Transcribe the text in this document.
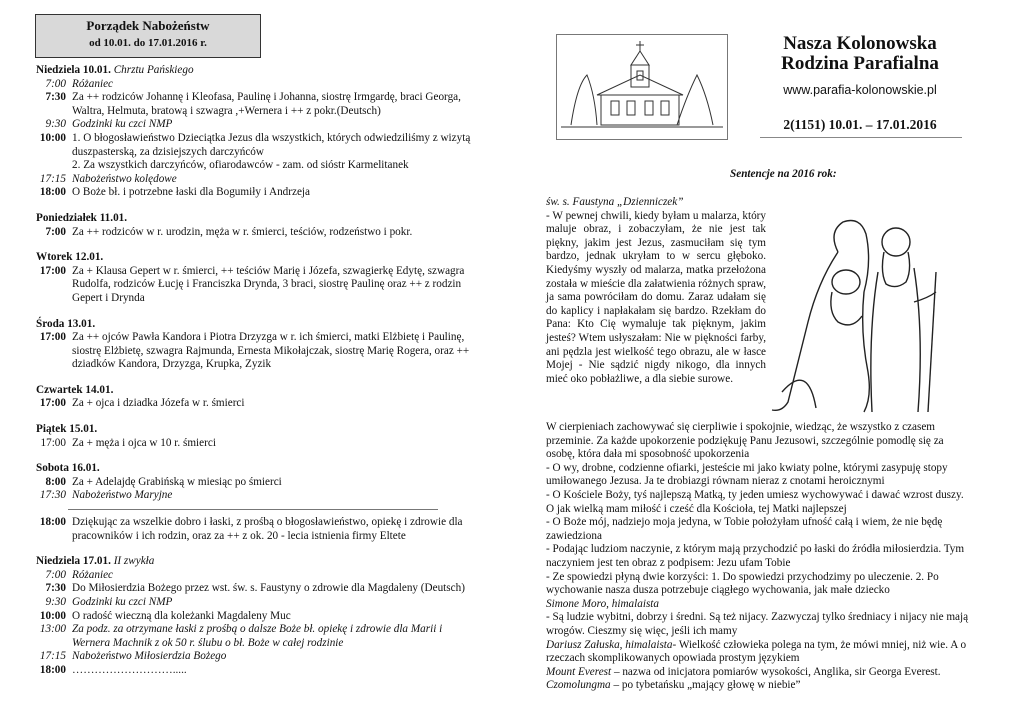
Porządek Nabożeństw
od 10.01. do 17.01.2016 r.
Niedziela 10.01. Chrztu Pańskiego
7:00 Różaniec
7:30 Za ++ rodziców Johannę i Kleofasa, Paulinę i Johanna, siostrę Irmgardę, braci Georga, Waltra, Helmuta, bratową i szwagra ,+Wernera i ++ z pokr.(Deutsch)
9:30 Godzinki ku czci NMP
10:00 1. O błogosławieństwo Dzieciątka Jezus dla wszystkich, których odwiedziliśmy z wizytą duszpasterską, za dzisiejszych darczyńców
2. Za wszystkich darczyńców, ofiarodawców - zam. od sióstr Karmelitanek
17:15 Nabożeństwo kolędowe
18:00 O Boże bł. i potrzebne łaski dla Bogumiły i Andrzeja
Poniedziałek 11.01.
7:00 Za ++ rodziców w r. urodzin, męża w r. śmierci, teściów, rodzeństwo i pokr.
Wtorek 12.01.
17:00 Za + Klausa Gepert w r. śmierci, ++ teściów Marię i Józefa, szwagierkę Edytę, szwagra Rudolfa, rodziców Łucję i Franciszka Drynda, 3 braci, siostrę Paulinę oraz ++ z rodzin Gepert i Drynda
Środa 13.01.
17:00 Za ++ ojców Pawła Kandora i Piotra Drzyzga w r. ich śmierci, matki Elżbietę i Paulinę, siostrę Elżbietę, szwagra Rajmunda, Ernesta Mikołajczak, siostrę Marię Rogera, oraz ++ dziadków Kandora, Drzyzga, Krupka, Zyzik
Czwartek 14.01.
17:00 Za + ojca i dziadka Józefa w r. śmierci
Piątek 15.01.
17:00 Za + męża i ojca w 10 r. śmierci
Sobota 16.01.
8:00 Za + Adelajdę Grabińską w miesiąc po śmierci
17:30 Nabożeństwo Maryjne
18:00 Dziękując za wszelkie dobro i łaski, z prośbą o błogosławieństwo, opiekę i zdrowie dla pracowników i ich rodzin, oraz za ++ z ok. 20 - lecia istnienia firmy Eltete
Niedziela 17.01. II zwykła
7:00 Różaniec
7:30 Do Miłosierdzia Bożego przez wst. św. s. Faustyny o zdrowie dla Magdaleny (Deutsch)
9:30 Godzinki ku czci NMP
10:00 O radość wieczną dla koleżanki Magdaleny Muc
13:00 Za podz. za otrzymane łaski z prośbą o dalsze Boże bł. opiekę i zdrowie dla Marii i Wernera Machnik z ok 50 r. ślubu o bł. Boże w całej rodzinie
17:15 Nabożeństwo Miłosierdzia Bożego
18:00 ……………………….....
Nasza Kolonowska
Rodzina Parafialna
www.parafia-kolonowskie.pl
2(1151) 10.01. – 17.01.2016
Sentencje na 2016 rok:
św. s. Faustyna „Dzienniczek”
- W pewnej chwili, kiedy byłam u malarza, który maluje obraz, i zobaczyłam, że nie jest tak piękny, jakim jest Jezus, zasmuciłam się tym bardzo, jednak ukryłam to w sercu głęboko. Kiedyśmy wyszły od malarza, matka przełożona została w mieście dla załatwienia różnych spraw, ja sama powróciłam do domu. Zaraz udałam się do kaplicy i napłakałam się bardzo. Rzekłam do Pana: Kto Cię wymaluje tak pięknym, jakim jesteś? Wtem usłyszałam: Nie w piękności farby, ani pędzla jest wielkość tego obrazu, ale w łasce Mojej - Nie sądzić nigdy nikogo, dla innych mieć oko pobłażliwe, a dla siebie surowe.

W cierpieniach zachowywać się cierpliwie i spokojnie, wiedząc, że wszystko z czasem przeminie. Za każde upokorzenie podziękuję Panu Jezusowi, szczególnie pomodlę się za osobę, która dała mi sposobność upokorzenia

- O wy, drobne, codzienne ofiarki, jesteście mi jako kwiaty polne, którymi zasypuję stopy umiłowanego Jezusa. Ja te drobiazgi równam nieraz z cnotami heroicznymi

- O Kościele Boży, tyś najlepszą Matką, ty jeden umiesz wychowywać i dawać wzrost duszy. O jak wielką mam miłość i cześć dla Kościoła, tej Matki najlepszej

- O Boże mój, nadziejo moja jedyna, w Tobie położyłam ufność całą i wiem, że nie będę zawiedziona

- Podając ludziom naczynie, z którym mają przychodzić po łaski do źródła miłosierdzia. Tym naczyniem jest ten obraz z podpisem: Jezu ufam Tobie

- Ze spowiedzi płyną dwie korzyści: 1. Do spowiedzi przychodzimy po uleczenie. 2. Po wychowanie nasza dusza potrzebuje ciągłego wychowania, jak małe dziecko

Simone Moro, himalaista

- Są ludzie wybitni, dobrzy i średni. Są też nijacy. Zazwyczaj tylko średniacy i nijacy nie mają wrogów. Cieszmy się więc, jeśli ich mamy

Dariusz Załuska, himalaista- Wielkość człowieka polega na tym, że mówi mniej, niż wie. A o rzeczach skomplikowanych opowiada prostym językiem

Mount Everest – nazwa od inicjatora pomiarów wysokości, Anglika, sir Georga Everest. Czomolungma – po tybetańsku „mający głowę w niebie”
